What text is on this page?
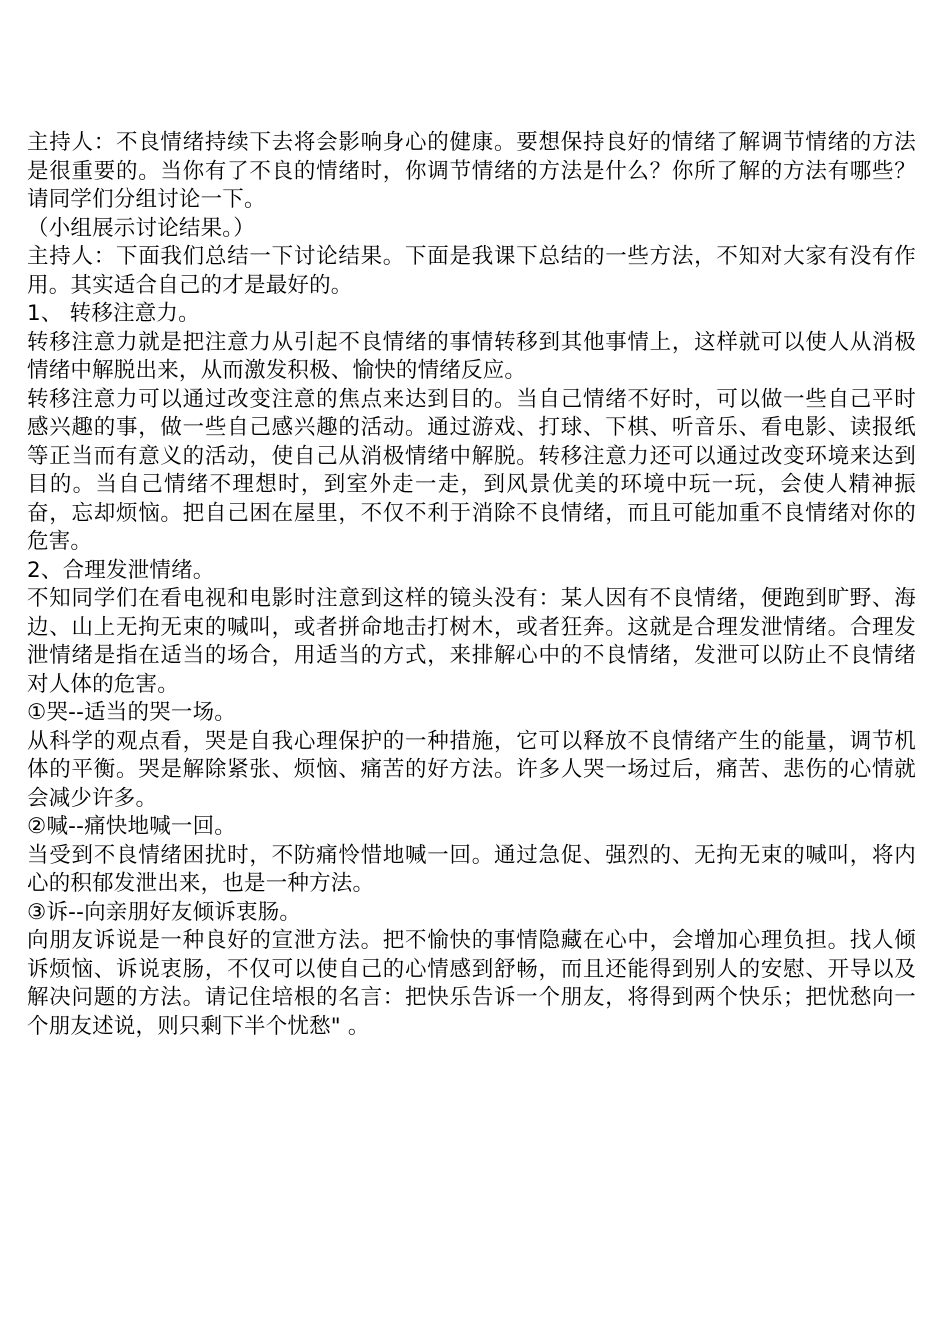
主持人：不良情绪持续下去将会影响身心的健康。要想保持良好的情绪了解调节情绪的方法是很重要的。当你有了不良的情绪时，你调节情绪的方法是什么？你所了解的方法有哪些？请同学们分组讨论一下。

（小组展示讨论结果。）

主持人：下面我们总结一下讨论结果。下面是我课下总结的一些方法，不知对大家有没有作用。其实适合自己的才是最好的。

1、 转移注意力。

转移注意力就是把注意力从引起不良情绪的事情转移到其他事情上，这样就可以使人从消极情绪中解脱出来，从而激发积极、愉快的情绪反应。

转移注意力可以通过改变注意的焦点来达到目的。当自己情绪不好时，可以做一些自己平时感兴趣的事，做一些自己感兴趣的活动。通过游戏、打球、下棋、听音乐、看电影、读报纸等正当而有意义的活动，使自己从消极情绪中解脱。转移注意力还可以通过改变环境来达到目的。当自己情绪不理想时，到室外走一走，到风景优美的环境中玩一玩，会使人精神振奋，忘却烦恼。把自己困在屋里，不仅不利于消除不良情绪，而且可能加重不良情绪对你的危害。

2、合理发泄情绪。

不知同学们在看电视和电影时注意到这样的镜头没有：某人因有不良情绪，便跑到旷野、海边、山上无拘无束的喊叫，或者拼命地击打树木，或者狂奔。这就是合理发泄情绪。合理发泄情绪是指在适当的场合，用适当的方式，来排解心中的不良情绪，发泄可以防止不良情绪对人体的危害。

①哭--适当的哭一场。

从科学的观点看，哭是自我心理保护的一种措施，它可以释放不良情绪产生的能量，调节机体的平衡。哭是解除紧张、烦恼、痛苦的好方法。许多人哭一场过后，痛苦、悲伤的心情就会减少许多。

②喊--痛快地喊一回。

当受到不良情绪困扰时，不防痛怜惜地喊一回。通过急促、强烈的、无拘无束的喊叫，将内心的积郁发泄出来，也是一种方法。

③诉--向亲朋好友倾诉衷肠。

向朋友诉说是一种良好的宣泄方法。把不愉快的事情隐藏在心中，会增加心理负担。找人倾诉烦恼、诉说衷肠，不仅可以使自己的心情感到舒畅，而且还能得到别人的安慰、开导以及解决问题的方法。请记住培根的名言：把快乐告诉一个朋友，将得到两个快乐；把忧愁向一个朋友述说，则只剩下半个忧愁" 。
